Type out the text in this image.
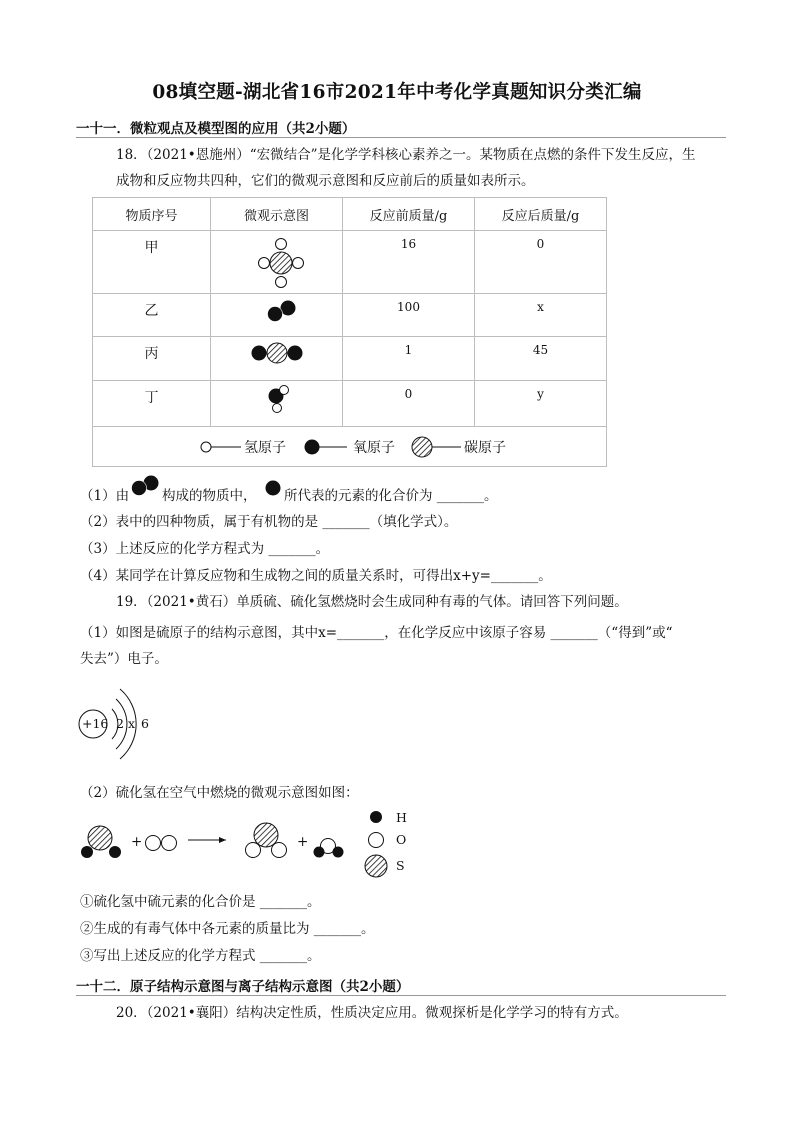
08填空题-湖北省16市2021年中考化学真题知识分类汇编
一十一．微粒观点及模型图的应用（共2小题）
18．（2021•恩施州）“宏微结合”是化学学科核心素养之一。某物质在点燃的条件下发生反应，生
成物和反应物共四种，它们的微观示意图和反应前后的质量如表所示。
物质序号	微观示意图	反应前质量/g	反应后质量/g

甲		16	0

乙		100	x

丙		1	45

丁		0	y

氢原子 氧原子 碳原子			
（1）由 构成的物质中， 所代表的元素的化合价为 _______。
（2）表中的四种物质，属于有机物的是 _______（填化学式）。
（3）上述反应的化学方程式为 _______。
（4）某同学在计算反应物和生成物之间的质量关系时，可得出x+y=_______。
19．（2021•黄石）单质硫、硫化氢燃烧时会生成同种有毒的气体。请回答下列问题。
（1）如图是硫原子的结构示意图，其中x=_______，在化学反应中该原子容易 _______（“得到”或“
失去”）电子。
+16 2 x 6
（2）硫化氢在空气中燃烧的微观示意图如图：
+	+
H
O
S
①硫化氢中硫元素的化合价是 _______。
②生成的有毒气体中各元素的质量比为 _______。
③写出上述反应的化学方程式 _______。
一十二．原子结构示意图与离子结构示意图（共2小题）
20．（2021•襄阳）结构决定性质，性质决定应用。微观探析是化学学习的特有方式。
